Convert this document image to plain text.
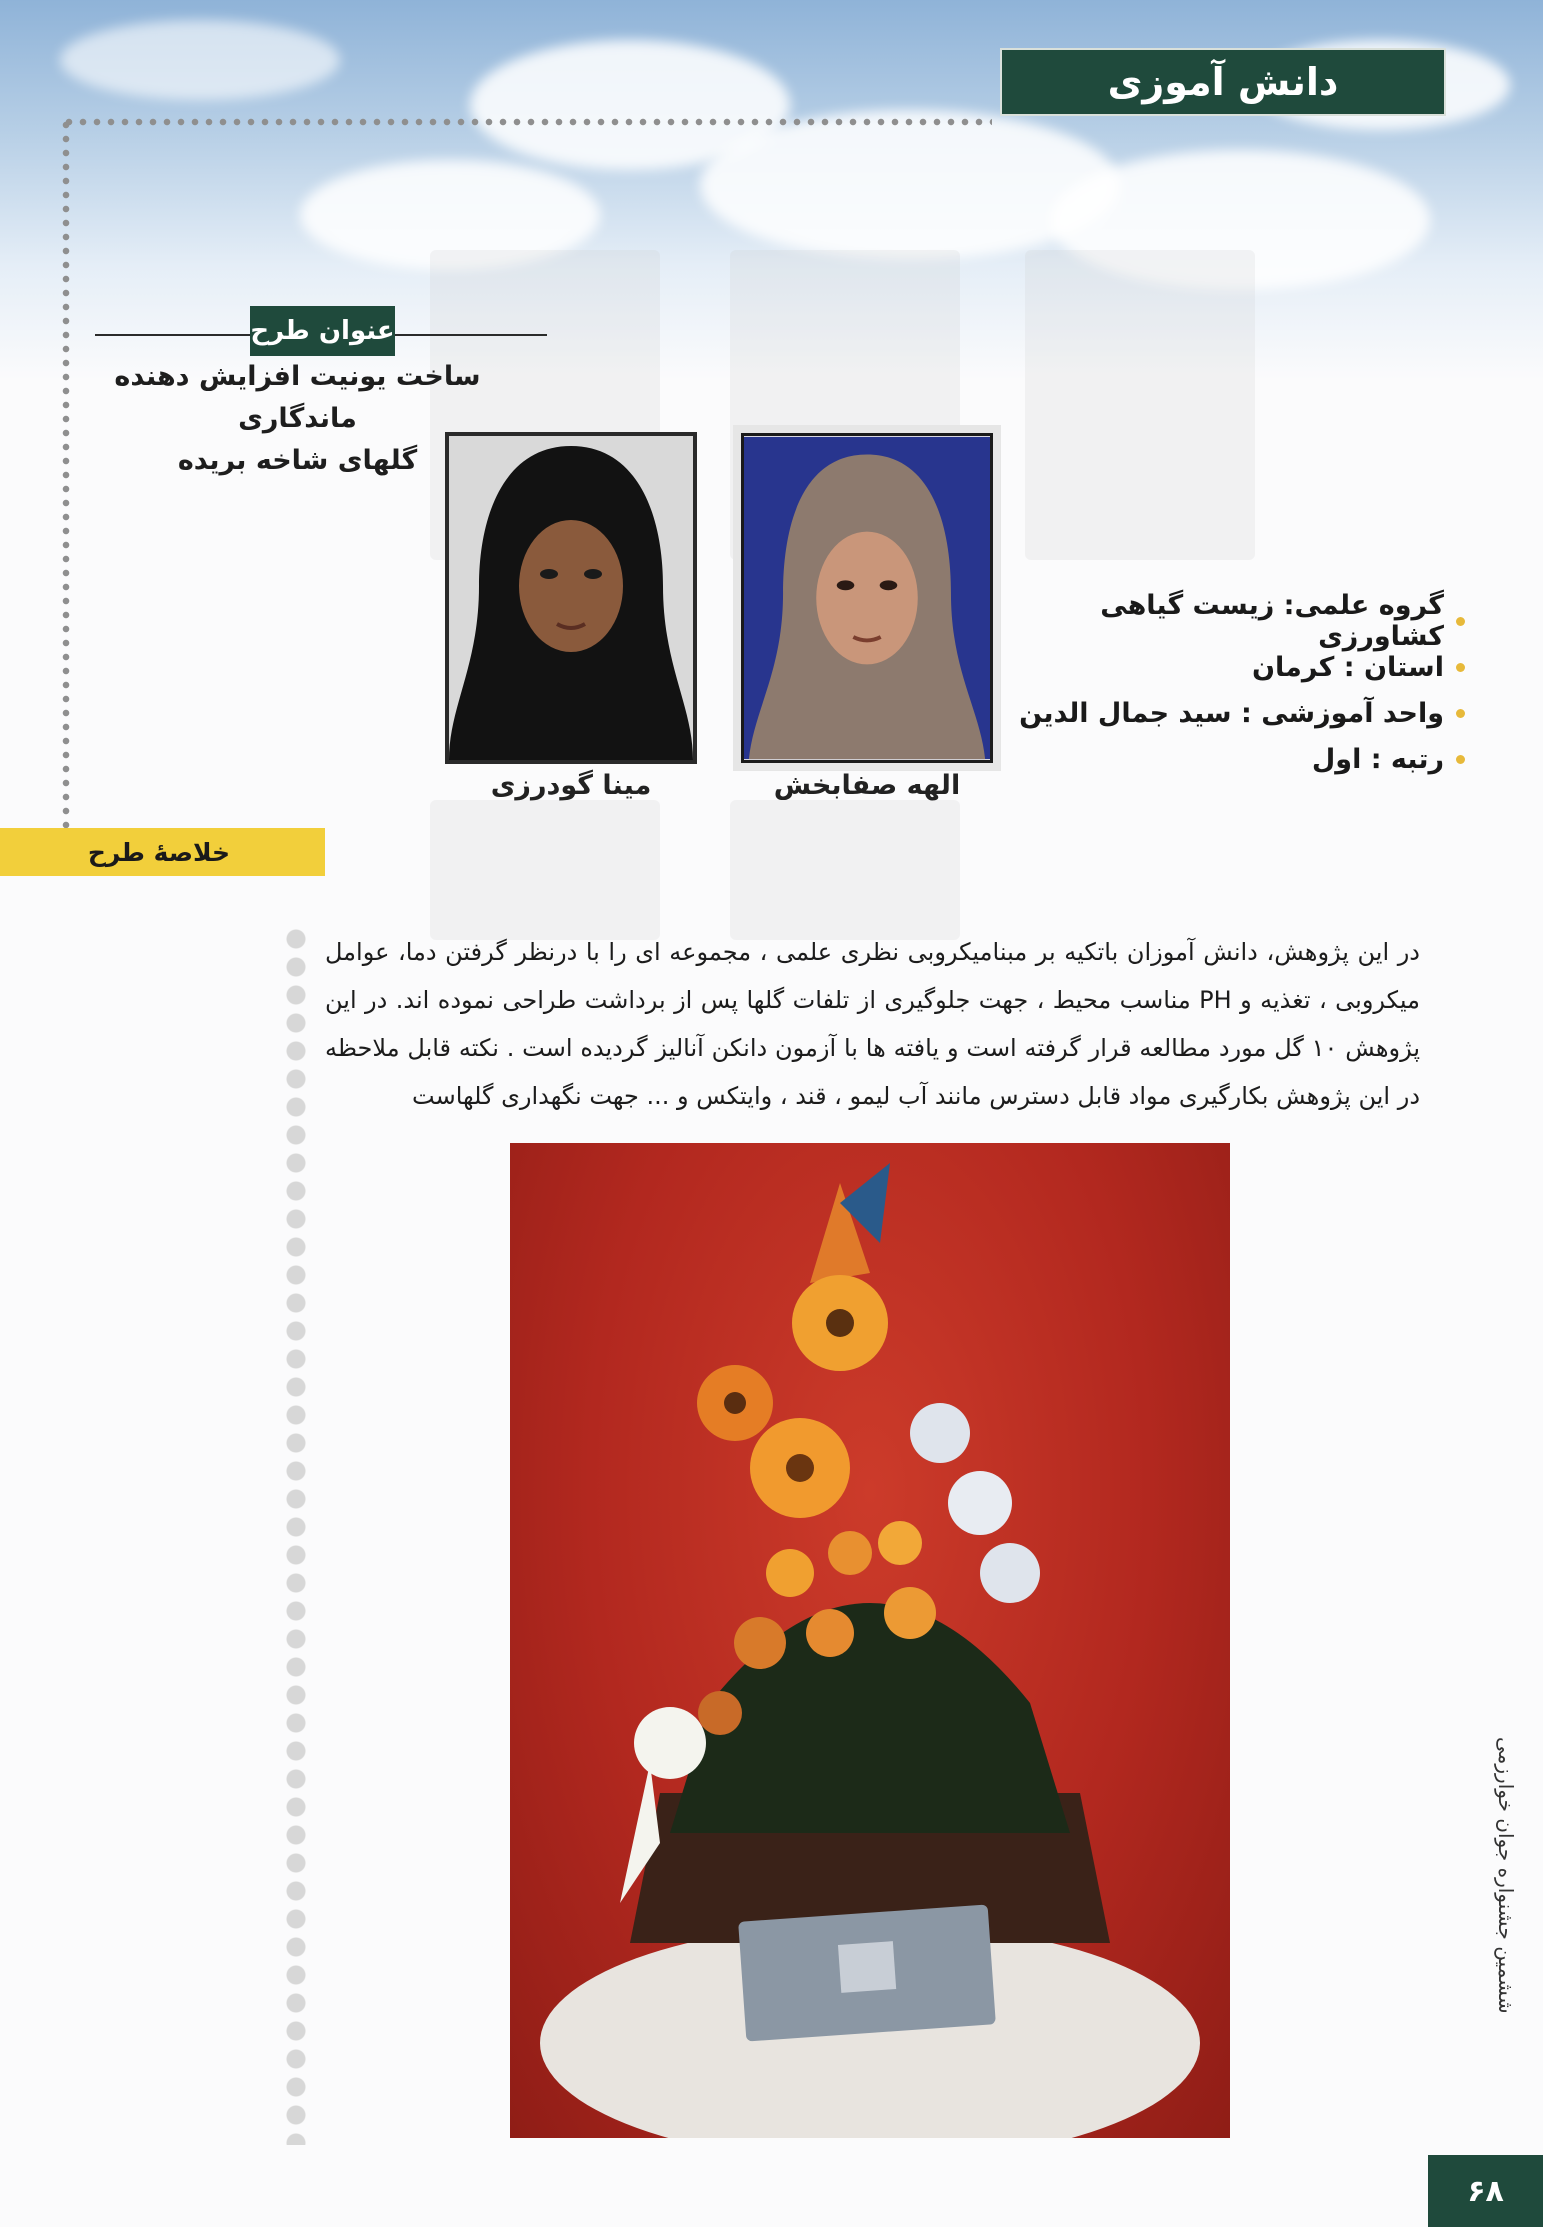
دانش آموزی
عنوان طرح
ساخت یونیت افزایش دهنده ماندگاری
گلهای شاخه بریده
مینا گودرزی	الهه صفابخش
گروه علمی: زیست گیاهی کشاورزی
استان : کرمان
واحد آموزشی : سید جمال الدین
رتبه : اول
خلاصهٔ طرح
در این پژوهش، دانش آموزان باتکیه بر مبنامیکروبی نظری علمی ، مجموعه ای را با درنظر گرفتن دما، عوامل میکروبی ، تغذیه و PH مناسب محیط ، جهت جلوگیری از تلفات گلها پس از برداشت طراحی نموده اند. در این پژوهش ۱۰ گل مورد مطالعه قرار گرفته است و یافته ها با آزمون دانکن آنالیز گردیده است . نکته قابل ملاحظه در این پژوهش بکارگیری مواد قابل دسترس مانند آب لیمو ، قند ، وایتکس و ... جهت نگهداری گلهاست
ششمین جشنواره جوان خوارزمی
۶۸
